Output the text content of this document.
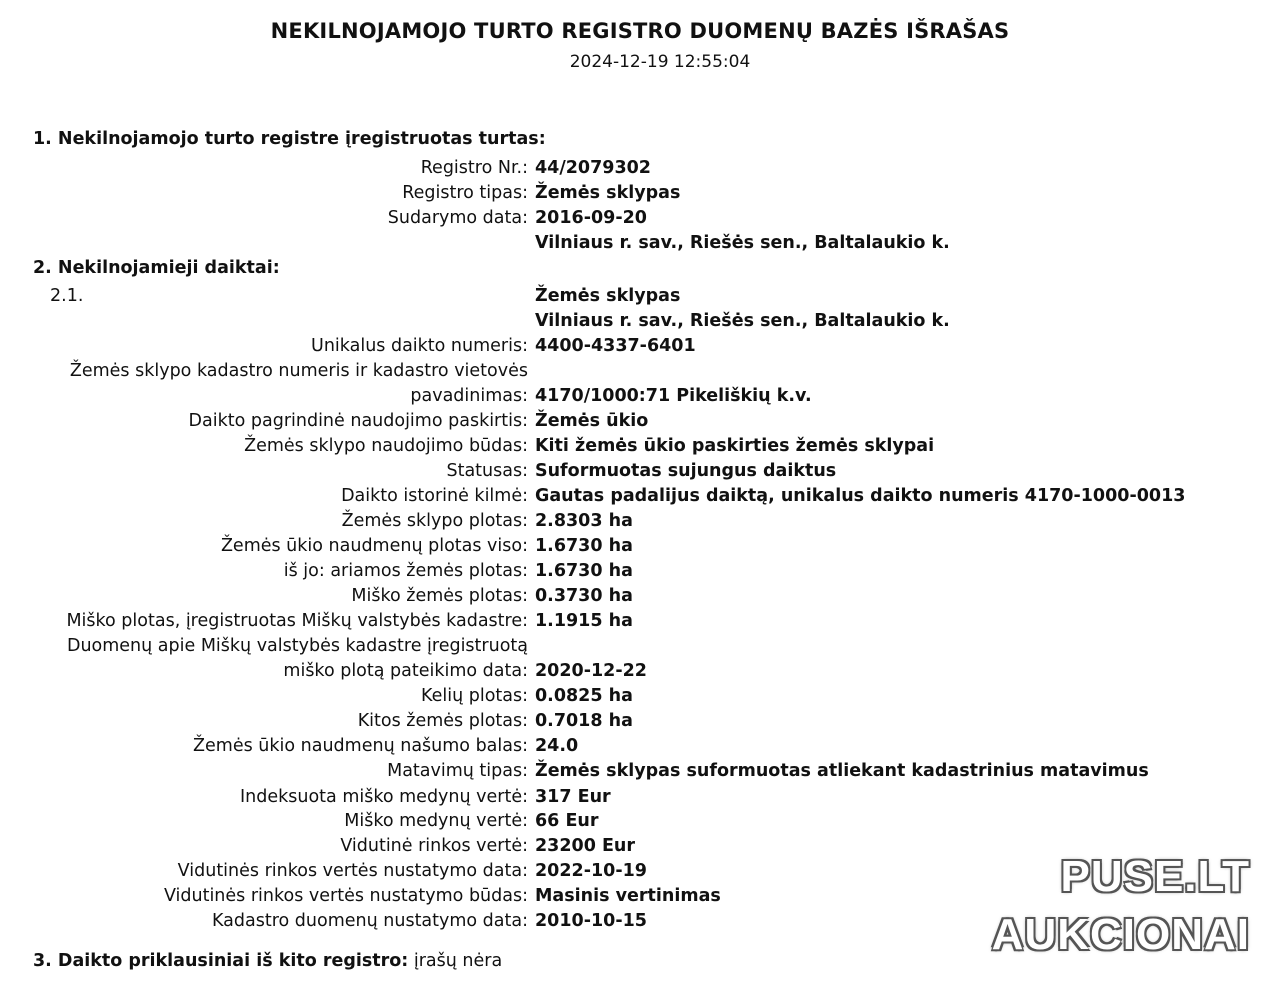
NEKILNOJAMOJO TURTO REGISTRO DUOMENŲ BAZĖS IŠRAŠAS
2024-12-19 12:55:04
1. Nekilnojamojo turto registre įregistruotas turtas:
Registro Nr.: 44/2079302
Registro tipas: Žemės sklypas
Sudarymo data: 2016-09-20
Vilniaus r. sav., Riešės sen., Baltalaukio k.
2. Nekilnojamieji daiktai:
2.1.	Žemės sklypas
Vilniaus r. sav., Riešės sen., Baltalaukio k.
Unikalus daikto numeris: 4400-4337-6401
Žemės sklypo kadastro numeris ir kadastro vietovės
pavadinimas: 4170/1000:71 Pikeliškių k.v.
Daikto pagrindinė naudojimo paskirtis: Žemės ūkio
Žemės sklypo naudojimo būdas: Kiti žemės ūkio paskirties žemės sklypai
Statusas: Suformuotas sujungus daiktus
Daikto istorinė kilmė: Gautas padalijus daiktą, unikalus daikto numeris 4170-1000-0013
Žemės sklypo plotas: 2.8303 ha
Žemės ūkio naudmenų plotas viso: 1.6730 ha
iš jo: ariamos žemės plotas: 1.6730 ha
Miško žemės plotas: 0.3730 ha
Miško plotas, įregistruotas Miškų valstybės kadastre: 1.1915 ha
Duomenų apie Miškų valstybės kadastre įregistruotą
miško plotą pateikimo data: 2020-12-22
Kelių plotas: 0.0825 ha
Kitos žemės plotas: 0.7018 ha
Žemės ūkio naudmenų našumo balas: 24.0
Matavimų tipas: Žemės sklypas suformuotas atliekant kadastrinius matavimus
Indeksuota miško medynų vertė: 317 Eur
Miško medynų vertė: 66 Eur
Vidutinė rinkos vertė: 23200 Eur
Vidutinės rinkos vertės nustatymo data: 2022-10-19
Vidutinės rinkos vertės nustatymo būdas: Masinis vertinimas
Kadastro duomenų nustatymo data: 2010-10-15
3. Daikto priklausiniai iš kito registro: įrašų nėra
PUSE.LT
AUKCIONAI
